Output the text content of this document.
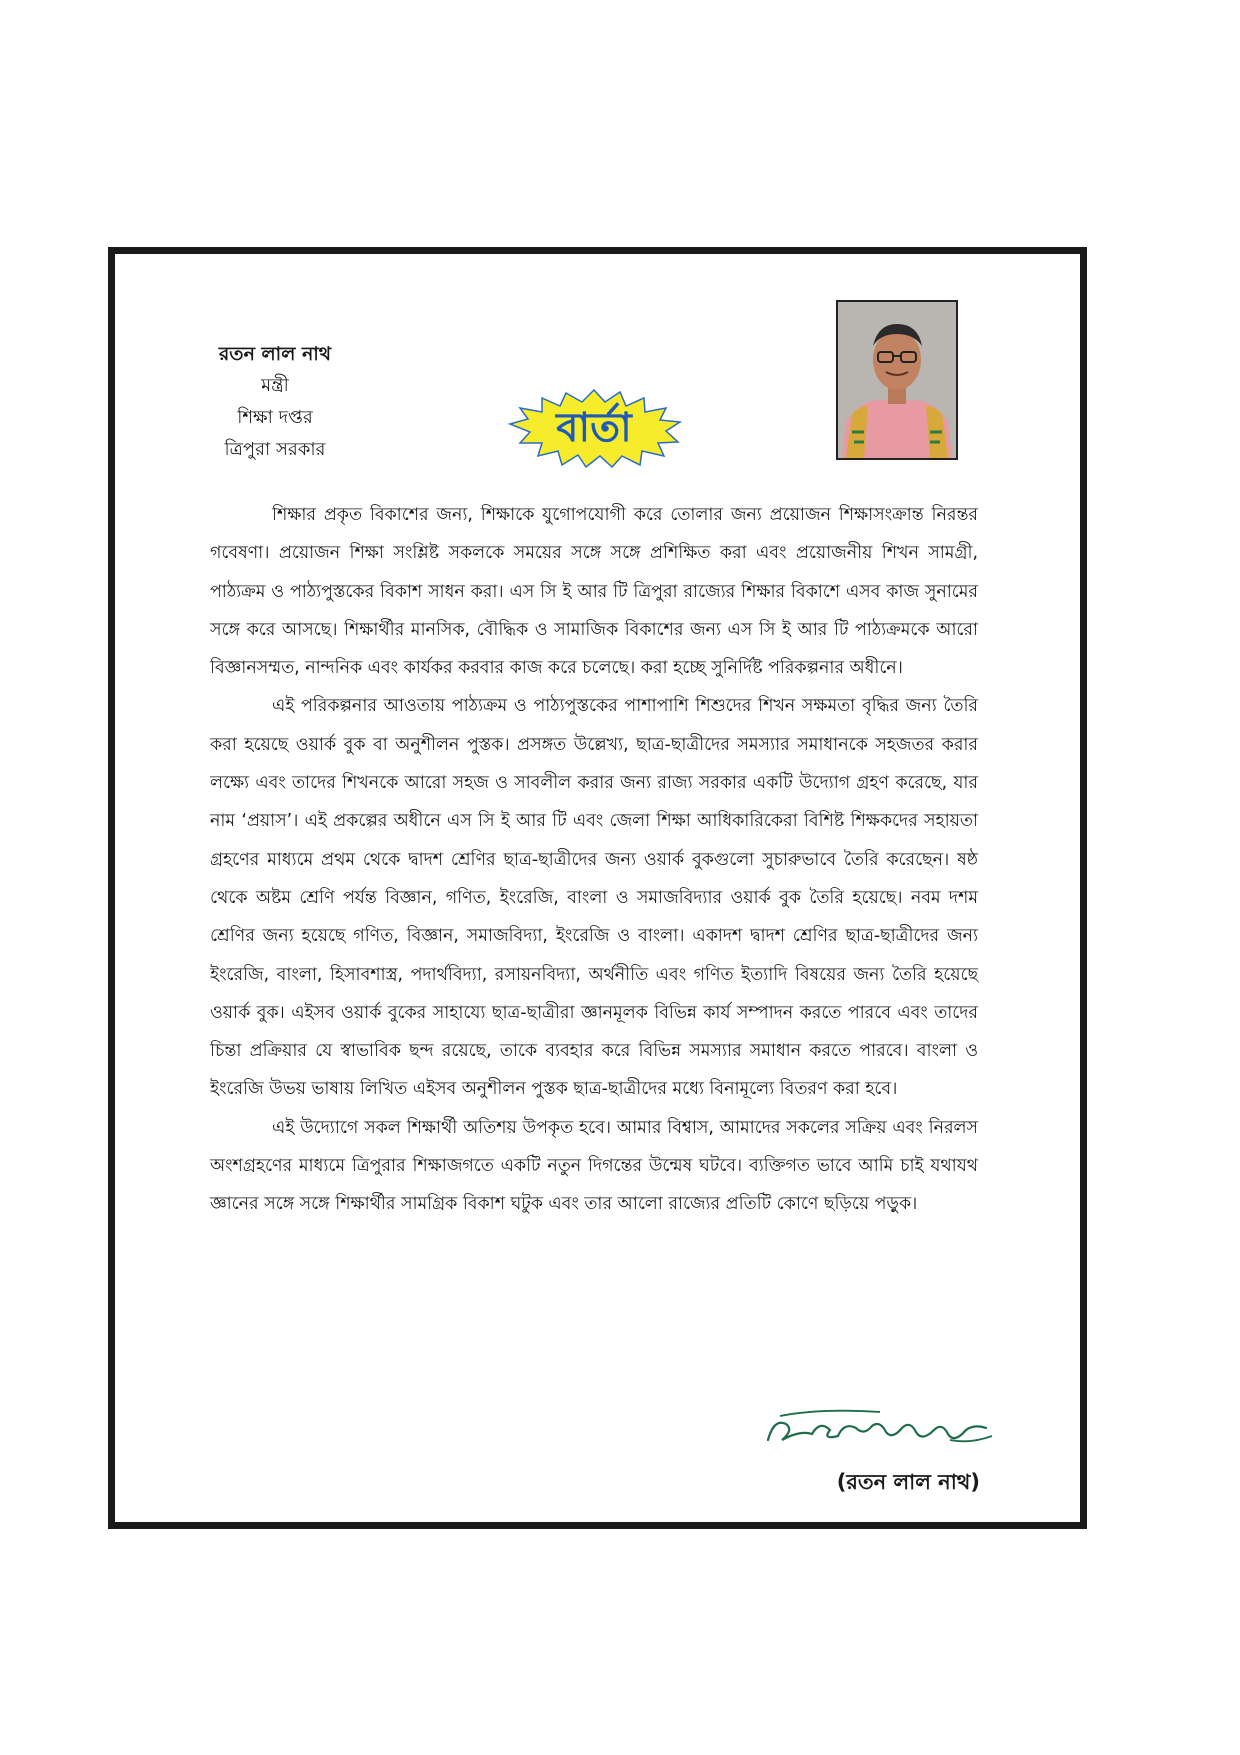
রতন লাল নাথ
মন্ত্রী
শিক্ষা দপ্তর
ত্রিপুরা সরকার	বার্তা

শিক্ষার প্রকৃত বিকাশের জন্য, শিক্ষাকে যুগোপযোগী করে তোলার জন্য প্রয়োজন শিক্ষাসংক্রান্ত নিরন্তর গবেষণা। প্রয়োজন শিক্ষা সংশ্লিষ্ট সকলকে সময়ের সঙ্গে সঙ্গে প্রশিক্ষিত করা এবং প্রয়োজনীয় শিখন সামগ্রী, পাঠ্যক্রম ও পাঠ্যপুস্তকের বিকাশ সাধন করা। এস সি ই আর টি ত্রিপুরা রাজ্যের শিক্ষার বিকাশে এসব কাজ সুনামের সঙ্গে করে আসছে। শিক্ষার্থীর মানসিক, বৌদ্ধিক ও সামাজিক বিকাশের জন্য এস সি ই আর টি পাঠ্যক্রমকে আরো বিজ্ঞানসম্মত, নান্দনিক এবং কার্যকর করবার কাজ করে চলেছে। করা হচ্ছে সুনির্দিষ্ট পরিকল্পনার অধীনে।

এই পরিকল্পনার আওতায় পাঠ্যক্রম ও পাঠ্যপুস্তকের পাশাপাশি শিশুদের শিখন সক্ষমতা বৃদ্ধির জন্য তৈরি করা হয়েছে ওয়ার্ক বুক বা অনুশীলন পুস্তক। প্রসঙ্গত উল্লেখ্য, ছাত্র-ছাত্রীদের সমস্যার সমাধানকে সহজতর করার লক্ষ্যে এবং তাদের শিখনকে আরো সহজ ও সাবলীল করার জন্য রাজ্য সরকার একটি উদ্যোগ গ্রহণ করেছে, যার নাম ‘প্রয়াস’। এই প্রকল্পের অধীনে এস সি ই আর টি এবং জেলা শিক্ষা আধিকারিকেরা বিশিষ্ট শিক্ষকদের সহায়তা গ্রহণের মাধ্যমে প্রথম থেকে দ্বাদশ শ্রেণির ছাত্র-ছাত্রীদের জন্য ওয়ার্ক বুকগুলো সুচারুভাবে তৈরি করেছেন। ষষ্ঠ থেকে অষ্টম শ্রেণি পর্যন্ত বিজ্ঞান, গণিত, ইংরেজি, বাংলা ও সমাজবিদ্যার ওয়ার্ক বুক তৈরি হয়েছে। নবম দশম শ্রেণির জন্য হয়েছে গণিত, বিজ্ঞান, সমাজবিদ্যা, ইংরেজি ও বাংলা। একাদশ দ্বাদশ শ্রেণির ছাত্র-ছাত্রীদের জন্য ইংরেজি, বাংলা, হিসাবশাস্ত্র, পদার্থবিদ্যা, রসায়নবিদ্যা, অর্থনীতি এবং গণিত ইত্যাদি বিষয়ের জন্য তৈরি হয়েছে ওয়ার্ক বুক। এইসব ওয়ার্ক বুকের সাহায্যে ছাত্র-ছাত্রীরা জ্ঞানমূলক বিভিন্ন কার্য সম্পাদন করতে পারবে এবং তাদের চিন্তা প্রক্রিয়ার যে স্বাভাবিক ছন্দ রয়েছে, তাকে ব্যবহার করে বিভিন্ন সমস্যার সমাধান করতে পারবে। বাংলা ও ইংরেজি উভয় ভাষায় লিখিত এইসব অনুশীলন পুস্তক ছাত্র-ছাত্রীদের মধ্যে বিনামূল্যে বিতরণ করা হবে।

এই উদ্যোগে সকল শিক্ষার্থী অতিশয় উপকৃত হবে। আমার বিশ্বাস, আমাদের সকলের সক্রিয় এবং নিরলস অংশগ্রহণের মাধ্যমে ত্রিপুরার শিক্ষাজগতে একটি নতুন দিগন্তের উন্মেষ ঘটবে। ব্যক্তিগত ভাবে আমি চাই যথাযথ জ্ঞানের সঙ্গে সঙ্গে শিক্ষার্থীর সামগ্রিক বিকাশ ঘটুক এবং তার আলো রাজ্যের প্রতিটি কোণে ছড়িয়ে পড়ুক।

(রতন লাল নাথ)
